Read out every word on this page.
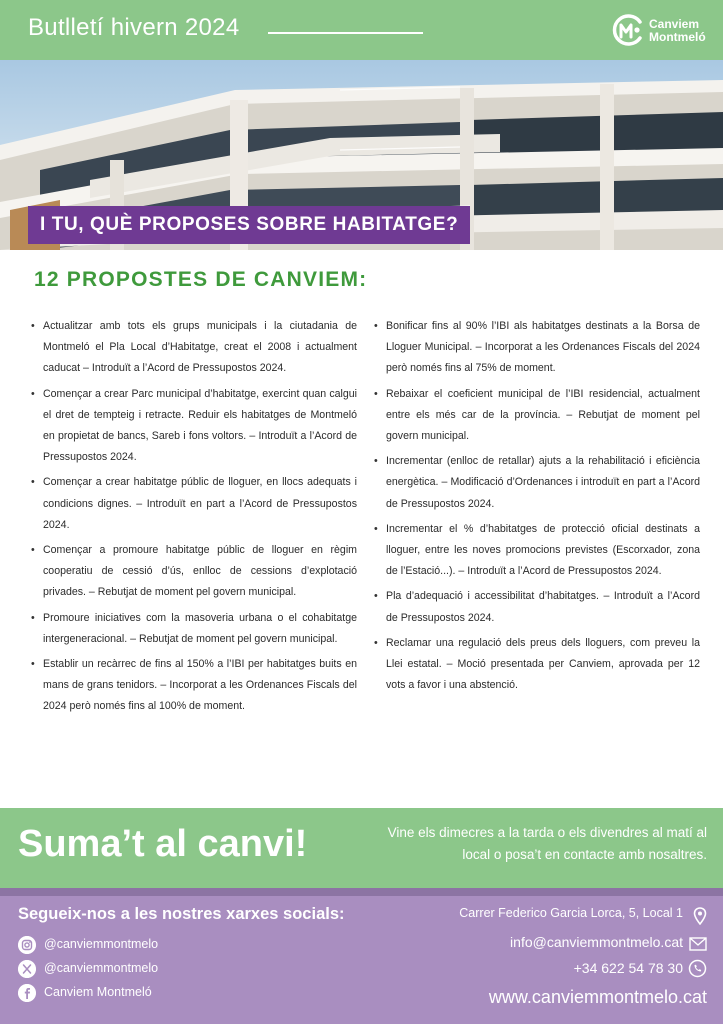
Butlletí hivern 2024	Canviem
Montmeló
I TU, QUÈ PROPOSES SOBRE HABITATGE?
12 PROPOSTES DE CANVIEM:
• Actualitzar amb tots els grups municipals i la ciutadania de Montmeló el Pla Local d’Habitatge, creat el 2008 i actualment caducat – Introduït a l’Acord de Pressupostos 2024.
• Començar a crear Parc municipal d’habitatge, exercint quan calgui el dret de tempteig i retracte. Reduir els habitatges de Montmeló en propietat de bancs, Sareb i fons voltors. – Introduït a l’Acord de Pressupostos 2024.
• Començar a crear habitatge públic de lloguer, en llocs adequats i condicions dignes. – Introduït en part a l’Acord de Pressupostos 2024.
• Començar a promoure habitatge públic de lloguer en règim cooperatiu de cessió d’ús, enlloc de cessions d’explotació privades. – Rebutjat de moment pel govern municipal.
• Promoure iniciatives com la masoveria urbana o el cohabitatge intergeneracional. – Rebutjat de moment pel govern municipal.
• Establir un recàrrec de fins al 150% a l’IBI per habitatges buits en mans de grans tenidors. – Incorporat a les Ordenances Fiscals del 2024 però només fins al 100% de moment.
• Bonificar fins al 90% l’IBI als habitatges destinats a la Borsa de Lloguer Municipal. – Incorporat a les Ordenances Fiscals del 2024 però només fins al 75% de moment.
• Rebaixar el coeficient municipal de l’IBI residencial, actualment entre els més car de la província. – Rebutjat de moment pel govern municipal.
• Incrementar (enlloc de retallar) ajuts a la rehabilitació i eficiència energètica. – Modificació d’Ordenances i introduït en part a l’Acord de Pressupostos 2024.
• Incrementar el % d’habitatges de protecció oficial destinats a lloguer, entre les noves promocions previstes (Escorxador, zona de l’Estació...). – Introduït a l’Acord de Pressupostos 2024.
• Pla d’adequació i accessibilitat d’habitatges. – Introduït a l’Acord de Pressupostos 2024.
• Reclamar una regulació dels preus dels lloguers, com preveu la Llei estatal. – Moció presentada per Canviem, aprovada per 12 vots a favor i una abstenció.
Suma’t al canvi!	Vine els dimecres a la tarda o els divendres al matí al local o posa’t en contacte amb nosaltres.
Segueix-nos a les nostres xarxes socials:
@canviemmontmelo
@canviemmontmelo
Canviem Montmeló
Carrer Federico Garcia Lorca, 5, Local 1
info@canviemmontmelo.cat
+34 622 54 78 30
www.canviemmontmelo.cat
